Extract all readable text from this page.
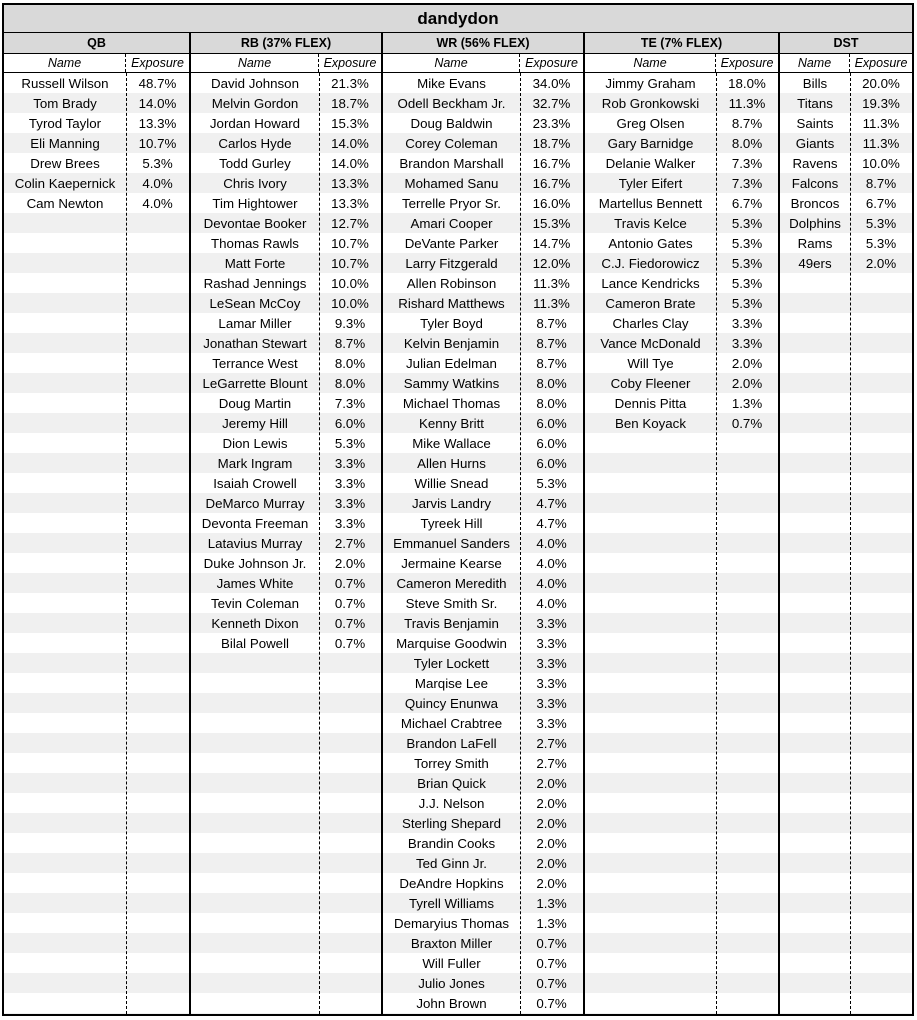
dandydon
QB
Name	Exposure
Russell Wilson	48.7%
Tom Brady	14.0%
Tyrod Taylor	13.3%
Eli Manning	10.7%
Drew Brees	5.3%
Colin Kaepernick	4.0%
Cam Newton	4.0%
RB (37% FLEX)
Name	Exposure
David Johnson	21.3%
Melvin Gordon	18.7%
Jordan Howard	15.3%
Carlos Hyde	14.0%
Todd Gurley	14.0%
Chris Ivory	13.3%
Tim Hightower	13.3%
Devontae Booker	12.7%
Thomas Rawls	10.7%
Matt Forte	10.7%
Rashad Jennings	10.0%
LeSean McCoy	10.0%
Lamar Miller	9.3%
Jonathan Stewart	8.7%
Terrance West	8.0%
LeGarrette Blount	8.0%
Doug Martin	7.3%
Jeremy Hill	6.0%
Dion Lewis	5.3%
Mark Ingram	3.3%
Isaiah Crowell	3.3%
DeMarco Murray	3.3%
Devonta Freeman	3.3%
Latavius Murray	2.7%
Duke Johnson Jr.	2.0%
James White	0.7%
Tevin Coleman	0.7%
Kenneth Dixon	0.7%
Bilal Powell	0.7%
WR (56% FLEX)
Name	Exposure
Mike Evans	34.0%
Odell Beckham Jr.	32.7%
Doug Baldwin	23.3%
Corey Coleman	18.7%
Brandon Marshall	16.7%
Mohamed Sanu	16.7%
Terrelle Pryor Sr.	16.0%
Amari Cooper	15.3%
DeVante Parker	14.7%
Larry Fitzgerald	12.0%
Allen Robinson	11.3%
Rishard Matthews	11.3%
Tyler Boyd	8.7%
Kelvin Benjamin	8.7%
Julian Edelman	8.7%
Sammy Watkins	8.0%
Michael Thomas	8.0%
Kenny Britt	6.0%
Mike Wallace	6.0%
Allen Hurns	6.0%
Willie Snead	5.3%
Jarvis Landry	4.7%
Tyreek Hill	4.7%
Emmanuel Sanders	4.0%
Jermaine Kearse	4.0%
Cameron Meredith	4.0%
Steve Smith Sr.	4.0%
Travis Benjamin	3.3%
Marquise Goodwin	3.3%
Tyler Lockett	3.3%
Marqise Lee	3.3%
Quincy Enunwa	3.3%
Michael Crabtree	3.3%
Brandon LaFell	2.7%
Torrey Smith	2.7%
Brian Quick	2.0%
J.J. Nelson	2.0%
Sterling Shepard	2.0%
Brandin Cooks	2.0%
Ted Ginn Jr.	2.0%
DeAndre Hopkins	2.0%
Tyrell Williams	1.3%
Demaryius Thomas	1.3%
Braxton Miller	0.7%
Will Fuller	0.7%
Julio Jones	0.7%
John Brown	0.7%
TE (7% FLEX)
Name	Exposure
Jimmy Graham	18.0%
Rob Gronkowski	11.3%
Greg Olsen	8.7%
Gary Barnidge	8.0%
Delanie Walker	7.3%
Tyler Eifert	7.3%
Martellus Bennett	6.7%
Travis Kelce	5.3%
Antonio Gates	5.3%
C.J. Fiedorowicz	5.3%
Lance Kendricks	5.3%
Cameron Brate	5.3%
Charles Clay	3.3%
Vance McDonald	3.3%
Will Tye	2.0%
Coby Fleener	2.0%
Dennis Pitta	1.3%
Ben Koyack	0.7%
DST
Name	Exposure
Bills	20.0%
Titans	19.3%
Saints	11.3%
Giants	11.3%
Ravens	10.0%
Falcons	8.7%
Broncos	6.7%
Dolphins	5.3%
Rams	5.3%
49ers	2.0%
